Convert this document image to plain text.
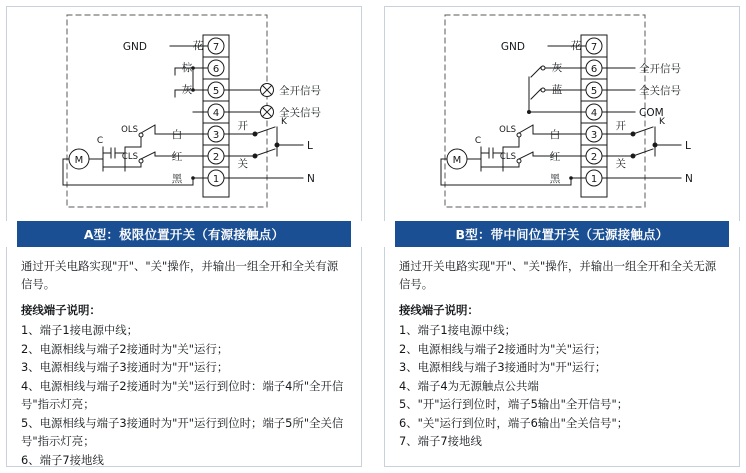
GND	7
6
5
4
3
2
1
花
棕
灰
白
红
黑
全开信号
全关信号
开
关
K
L
N
M
C
OLS
CLS
A型：极限位置开关（有源接触点）

通过开关电路实现"开"、"关"操作，并输出一组全开和全关有源信号。

接线端子说明：

1、端子1接电源中线；
2、电源相线与端子2接通时为"关"运行；
3、电源相线与端子3接通时为"开"运行；
4、电源相线与端子2接通时为"关"运行到位时：端子4所"全开信号"指示灯亮；
5、电源相线与端子3接通时为"开"运行到位时；端子5所"全关信号"指示灯亮；
6、端子7接地线
GND	7
6
5
4
3
2
1
花
灰
蓝
白
红
黑
全开信号
全关信号
COM
开
关
K
L
N
M
C
OLS
CLS
B型：带中间位置开关（无源接触点）

通过开关电路实现"开"、"关"操作，并输出一组全开和全关无源信号。

接线端子说明：

1、端子1接电源中线；
2、电源相线与端子2接通时为"关"运行；
3、电源相线与端子3接通时为"开"运行；
4、端子4为无源触点公共端
5、"开"运行到位时，端子5输出"全开信号"；
6、"关"运行到位时，端子6输出"全关信号"；
7、端子7接地线
